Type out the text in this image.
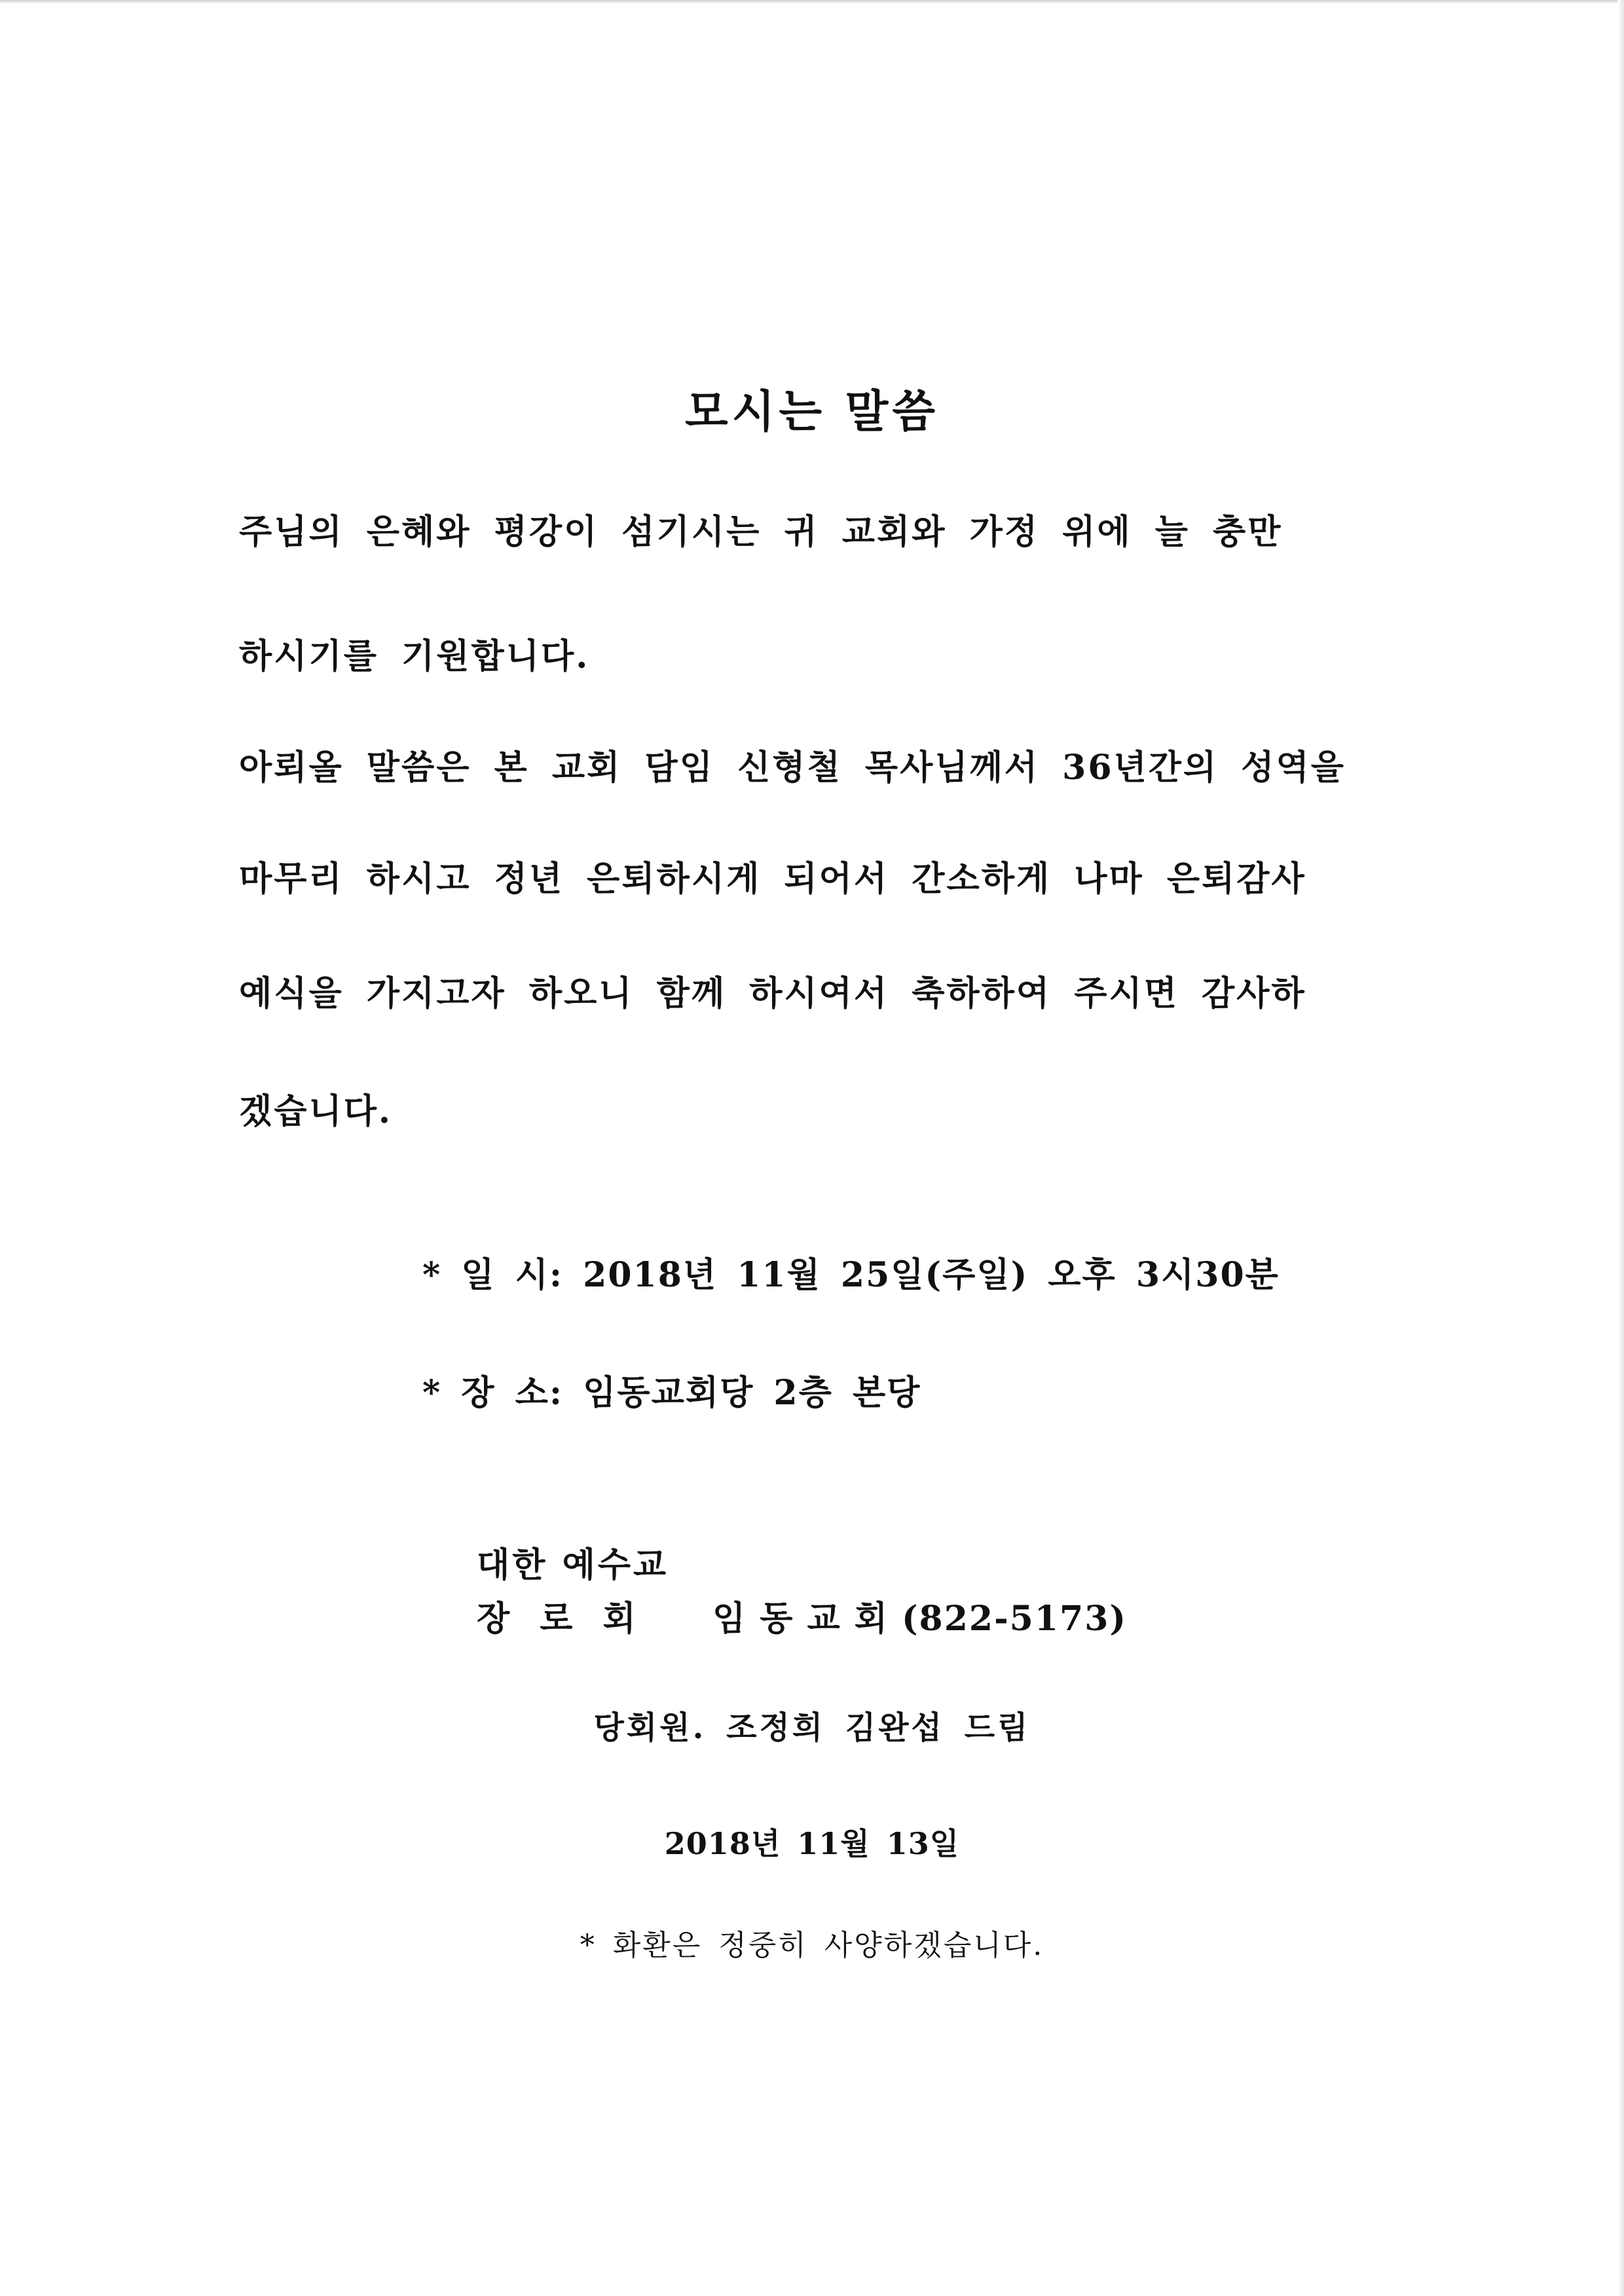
모시는 말씀
주님의 은혜와 평강이 섬기시는 귀 교회와 가정 위에 늘 충만
하시기를 기원합니다.
아뢰올 말씀은 본 교회 담임 신형철 목사님께서 36년간의 성역을
마무리 하시고 정년 은퇴하시게 되어서 간소하게 나마 은퇴감사
예식을 가지고자 하오니 함께 하시여서 축하하여 주시면 감사하
겠습니다.
* 일 시: 2018년 11월 25일(주일) 오후 3시30분
* 장 소: 임동교회당 2층 본당
대한 예수교
장로회 임동교회(822-5173)
당회원. 조정희 김완섭 드림
2018년 11월 13일
* 화환은 정중히 사양하겠습니다.
